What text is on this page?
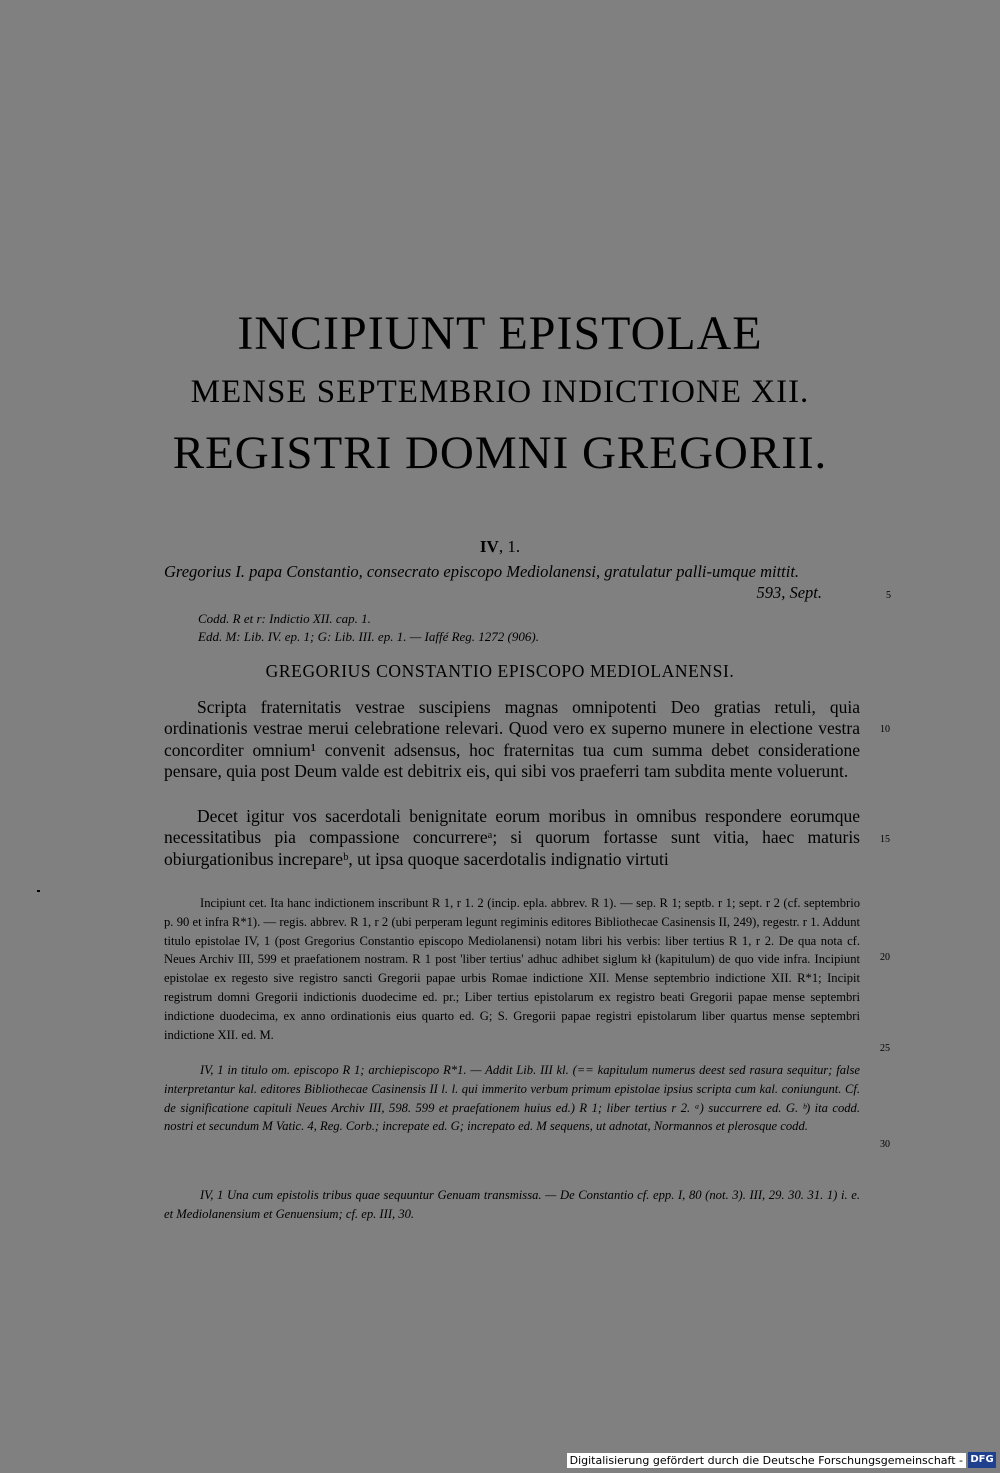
INCIPIUNT EPISTOLAE
MENSE SEPTEMBRIO INDICTIONE XII.
REGISTRI DOMNI GREGORII.
IV, 1.
Gregorius I. papa Constantio, consecrato episcopo Mediolanensi, gratulatur palli-umque mittit.
593, Sept.
Codd. R et r: Indictio XII. cap. 1.
Edd. M: Lib. IV. ep. 1; G: Lib. III. ep. 1. — Iaffé Reg. 1272 (906).
GREGORIUS CONSTANTIO EPISCOPO MEDIOLANENSI.
Scripta fraternitatis vestrae suscipiens magnas omnipotenti Deo gratias retuli, quia ordinationis vestrae merui celebratione relevari. Quod vero ex superno munere in electione vestra concorditer omnium¹ convenit adsensus, hoc fraternitas tua cum summa debet consideratione pensare, quia post Deum valde est debitrix eis, qui sibi vos praeferri tam subdita mente voluerunt.
Decet igitur vos sacerdotali benignitate eorum moribus in omnibus respondere eorumque necessitatibus pia compassione concurrereᵃ; si quorum fortasse sunt vitia, haec maturis obiurgationibus increpareᵇ, ut ipsa quoque sacerdotalis indignatio virtuti
Incipiunt cet. Ita hanc indictionem inscribunt R 1, r 1. 2 (incip. epla. abbrev. R 1). — sep. R 1; septb. r 1; sept. r 2 (cf. septembrio p. 90 et infra R*1). — regis. abbrev. R 1, r 2 (ubi perperam legunt regiminis editores Bibliothecae Casinensis II, 249), regestr. r 1. Addunt titulo epistolae IV, 1 (post Gregorius Constantio episcopo Mediolanensi) notam libri his verbis: liber tertius R 1, r 2. De qua nota cf. Neues Archiv III, 599 et praefationem nostram. R 1 post 'liber tertius' adhuc adhibet siglum kł (kapitulum) de quo vide infra. Incipiunt epistolae ex regesto sive registro sancti Gregorii papae urbis Romae indictione XII. Mense septembrio indictione XII. R*1; Incipit registrum domni Gregorii indictionis duodecime ed. pr.; Liber tertius epistolarum ex registro beati Gregorii papae mense septembri indictione duodecima, ex anno ordinationis eius quarto ed. G; S. Gregorii papae registri epistolarum liber quartus mense septembri indictione XII. ed. M.
IV, 1 in titulo om. episcopo R 1; archiepiscopo R*1. — Addit Lib. III kl. (== kapitulum numerus deest sed rasura sequitur; false interpretantur kal. editores Bibliothecae Casinensis II l. l. qui immerito verbum primum epistolae ipsius scripta cum kal. coniungunt. Cf. de significatione capituli Neues Archiv III, 598. 599 et praefationem huius ed.) R 1; liber tertius r 2. ᵃ) succurrere ed. G. ᵇ) ita codd. nostri et secundum M Vatic. 4, Reg. Corb.; increpate ed. G; increpato ed. M sequens, ut adnotat, Normannos et plerosque codd.
IV, 1 Una cum epistolis tribus quae sequuntur Genuam transmissa. — De Constantio cf. epp. I, 80 (not. 3). III, 29. 30. 31. 1) i. e. et Mediolanensium et Genuensium; cf. ep. III, 30.
5
10
15
20
25
30
Digitalisierung gefördert durch die Deutsche Forschungsgemeinschaft - DFG
